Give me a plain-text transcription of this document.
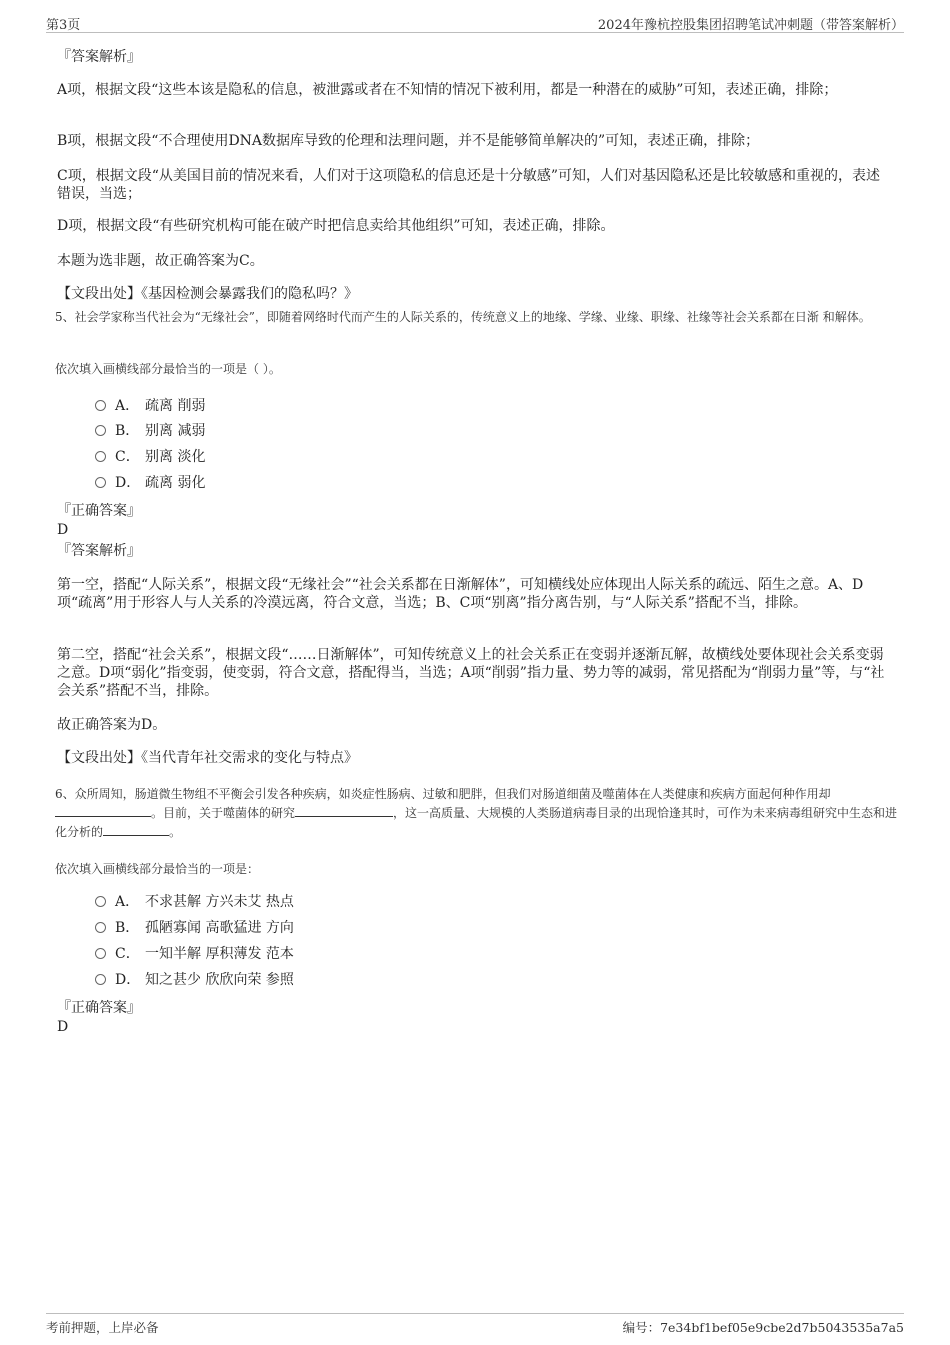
第3页	2024年豫杭控股集团招聘笔试冲刺题（带答案解析）

『答案解析』

A项，根据文段“这些本该是隐私的信息，被泄露或者在不知情的情况下被利用，都是一种潜在的威胁”可知，表述正确，排除；

B项，根据文段“不合理使用DNA数据库导致的伦理和法理问题，并不是能够简单解决的”可知，表述正确，排除；

C项，根据文段“从美国目前的情况来看，人们对于这项隐私的信息还是十分敏感”可知，人们对基因隐私还是比较敏感和重视的，表述错误，当选；

D项，根据文段“有些研究机构可能在破产时把信息卖给其他组织”可知，表述正确，排除。

本题为选非题，故正确答案为C。

【文段出处】《基因检测会暴露我们的隐私吗？》

5、社会学家称当代社会为“无缘社会”，即随着网络时代而产生的人际关系的，传统意义上的地缘、学缘、业缘、职缘、社缘等社会关系都在日渐 和解体。

依次填入画横线部分最恰当的一项是（ ）。

A． 疏离 削弱
B． 别离 减弱
C． 别离 淡化
D． 疏离 弱化

『正确答案』

D

『答案解析』

第一空，搭配“人际关系”，根据文段“无缘社会”“社会关系都在日渐解体”，可知横线处应体现出人际关系的疏远、陌生之意。A、D项“疏离”用于形容人与人关系的冷漠远离，符合文意，当选；B、C项“别离”指分离告别，与“人际关系”搭配不当，排除。

第二空，搭配“社会关系”，根据文段“……日渐解体”，可知传统意义上的社会关系正在变弱并逐渐瓦解，故横线处要体现社会关系变弱之意。D项“弱化”指变弱，使变弱，符合文意，搭配得当，当选；A项“削弱”指力量、势力等的减弱，常见搭配为“削弱力量”等，与“社会关系”搭配不当，排除。

故正确答案为D。

【文段出处】《当代青年社交需求的变化与特点》

6、众所周知，肠道微生物组不平衡会引发各种疾病，如炎症性肠病、过敏和肥胖，但我们对肠道细菌及噬菌体在人类健康和疾病方面起何种作用却。目前，关于噬菌体的研究	，这一高质量、大规模的人类肠道病毒目录的出现恰逢其时，可作为未来病毒组研究中生态和进化分析的	。

依次填入画横线部分最恰当的一项是：

A． 不求甚解 方兴未艾 热点
B． 孤陋寡闻 高歌猛进 方向
C． 一知半解 厚积薄发 范本
D． 知之甚少 欣欣向荣 参照

『正确答案』

D

考前押题，上岸必备	编号：7e34bf1bef05e9cbe2d7b5043535a7a5
